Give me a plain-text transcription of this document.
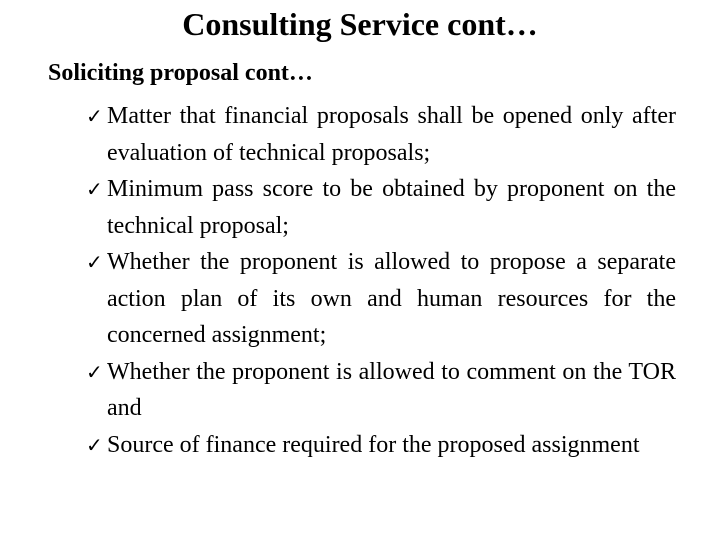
Consulting Service cont…
Soliciting proposal cont…
✓ Matter that financial proposals shall be opened only after evaluation of technical proposals;
✓ Minimum pass score to be obtained by proponent on the technical proposal;
✓ Whether the proponent is allowed to propose a separate action plan of its own and human resources for the concerned assignment;
✓ Whether the proponent is allowed to comment on the TOR and
✓ Source of finance required for the proposed assignment
